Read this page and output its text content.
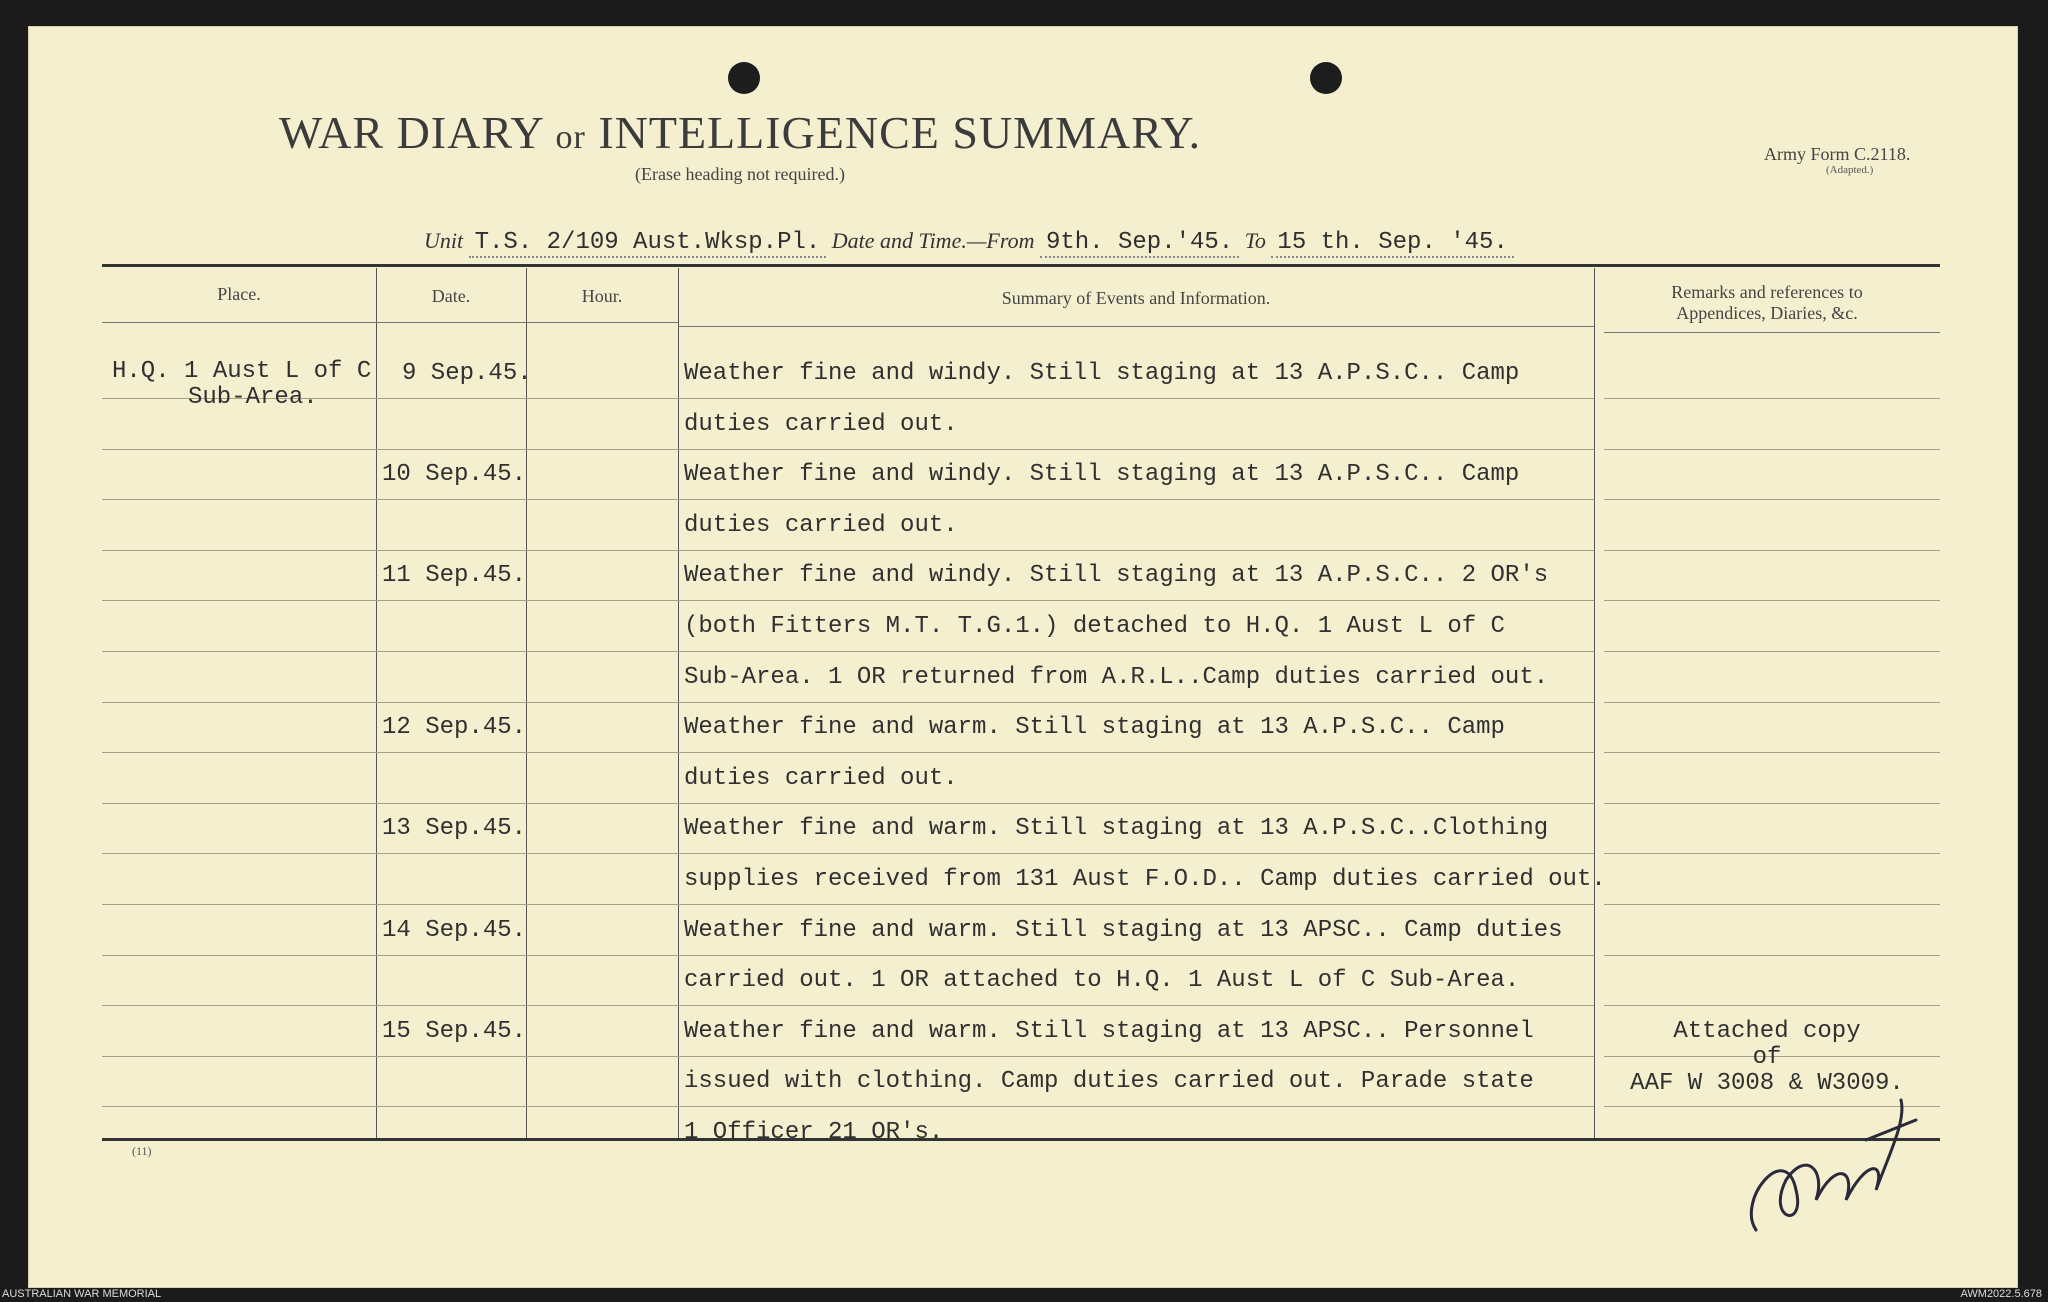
WAR DIARY or INTELLIGENCE SUMMARY.
(Erase heading not required.)
Army Form C.2118.
(Adapted.)
Unit T.S. 2/109 Aust.Wksp.Pl. Date and Time.—From 9th. Sep.'45. To 15 th. Sep. '45.
Place.	Date.	Hour.	Summary of Events and Information.	Remarks and references to
Appendices, Diaries, &c.
H.Q. 1 Aust L of C
Sub-Area.
9 Sep.45.	Weather fine and windy. Still staging at 13 A.P.S.C.. Camp
duties carried out.
10 Sep.45.	Weather fine and windy. Still staging at 13 A.P.S.C.. Camp
duties carried out.
11 Sep.45.	Weather fine and windy. Still staging at 13 A.P.S.C.. 2 OR's
(both Fitters M.T. T.G.1.) detached to H.Q. 1 Aust L of C
Sub-Area. 1 OR returned from A.R.L..Camp duties carried out.
12 Sep.45.	Weather fine and warm. Still staging at 13 A.P.S.C.. Camp
duties carried out.
13 Sep.45.	Weather fine and warm. Still staging at 13 A.P.S.C..Clothing
supplies received from 131 Aust F.O.D.. Camp duties carried out.
14 Sep.45.	Weather fine and warm. Still staging at 13 APSC.. Camp duties
carried out. 1 OR attached to H.Q. 1 Aust L of C Sub-Area.
15 Sep.45.	Weather fine and warm. Still staging at 13 APSC.. Personnel
issued with clothing. Camp duties carried out. Parade state
1 Officer 21 OR's.
Attached copy
of
AAF W 3008 & W3009.
(11)
AUSTRALIAN WAR MEMORIAL	AWM2022.5.678
